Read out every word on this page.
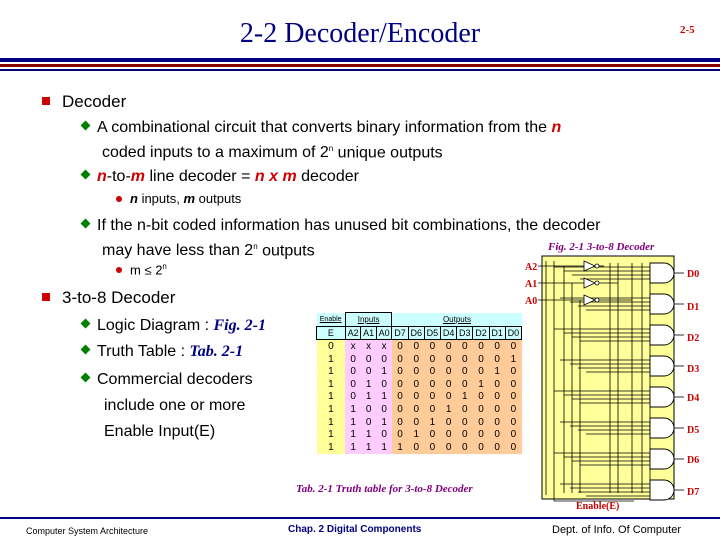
2-2 Decoder/Encoder	2-5
Decoder
A combinational circuit that converts binary information from the n
coded inputs to a maximum of 2$^n$ unique outputs
n-to-m line decoder = n x m decoder
n inputs, m outputs
If the n-bit coded information has unused bit combinations, the decoder
may have less than 2$^n$ outputs
$m \le 2^n$
3-to-8 Decoder
Logic Diagram : Fig. 2-1
Truth Table : Tab. 2-1
Commercial decoders
include one or more
Enable Input(E)
Enable	Inputs			Outputs							
E	A2	A1	A0	D7	D6	D5	D4	D3	D2	D1	D0
0	x	x	x	0	0	0	0	0	0	0	0
1	0	0	0	0	0	0	0	0	0	0	1
1	0	0	1	0	0	0	0	0	0	1	0
1	0	1	0	0	0	0	0	0	1	0	0
1	0	1	1	0	0	0	0	1	0	0	0
1	1	0	0	0	0	0	1	0	0	0	0
1	1	0	1	0	0	1	0	0	0	0	0
1	1	1	0	0	1	0	0	0	0	0	0
1	1	1	1	1	0	0	0	0	0	0	0
Tab. 2-1 Truth table for 3-to-8 Decoder
Fig. 2-1 3-to-8 Decoder
A2
A1
A0
D0
D1
D2
D3
D4
D5
D6
D7
Enable(E)
Computer System Architecture	Chap. 2 Digital Components	Dept. of Info. Of Computer
